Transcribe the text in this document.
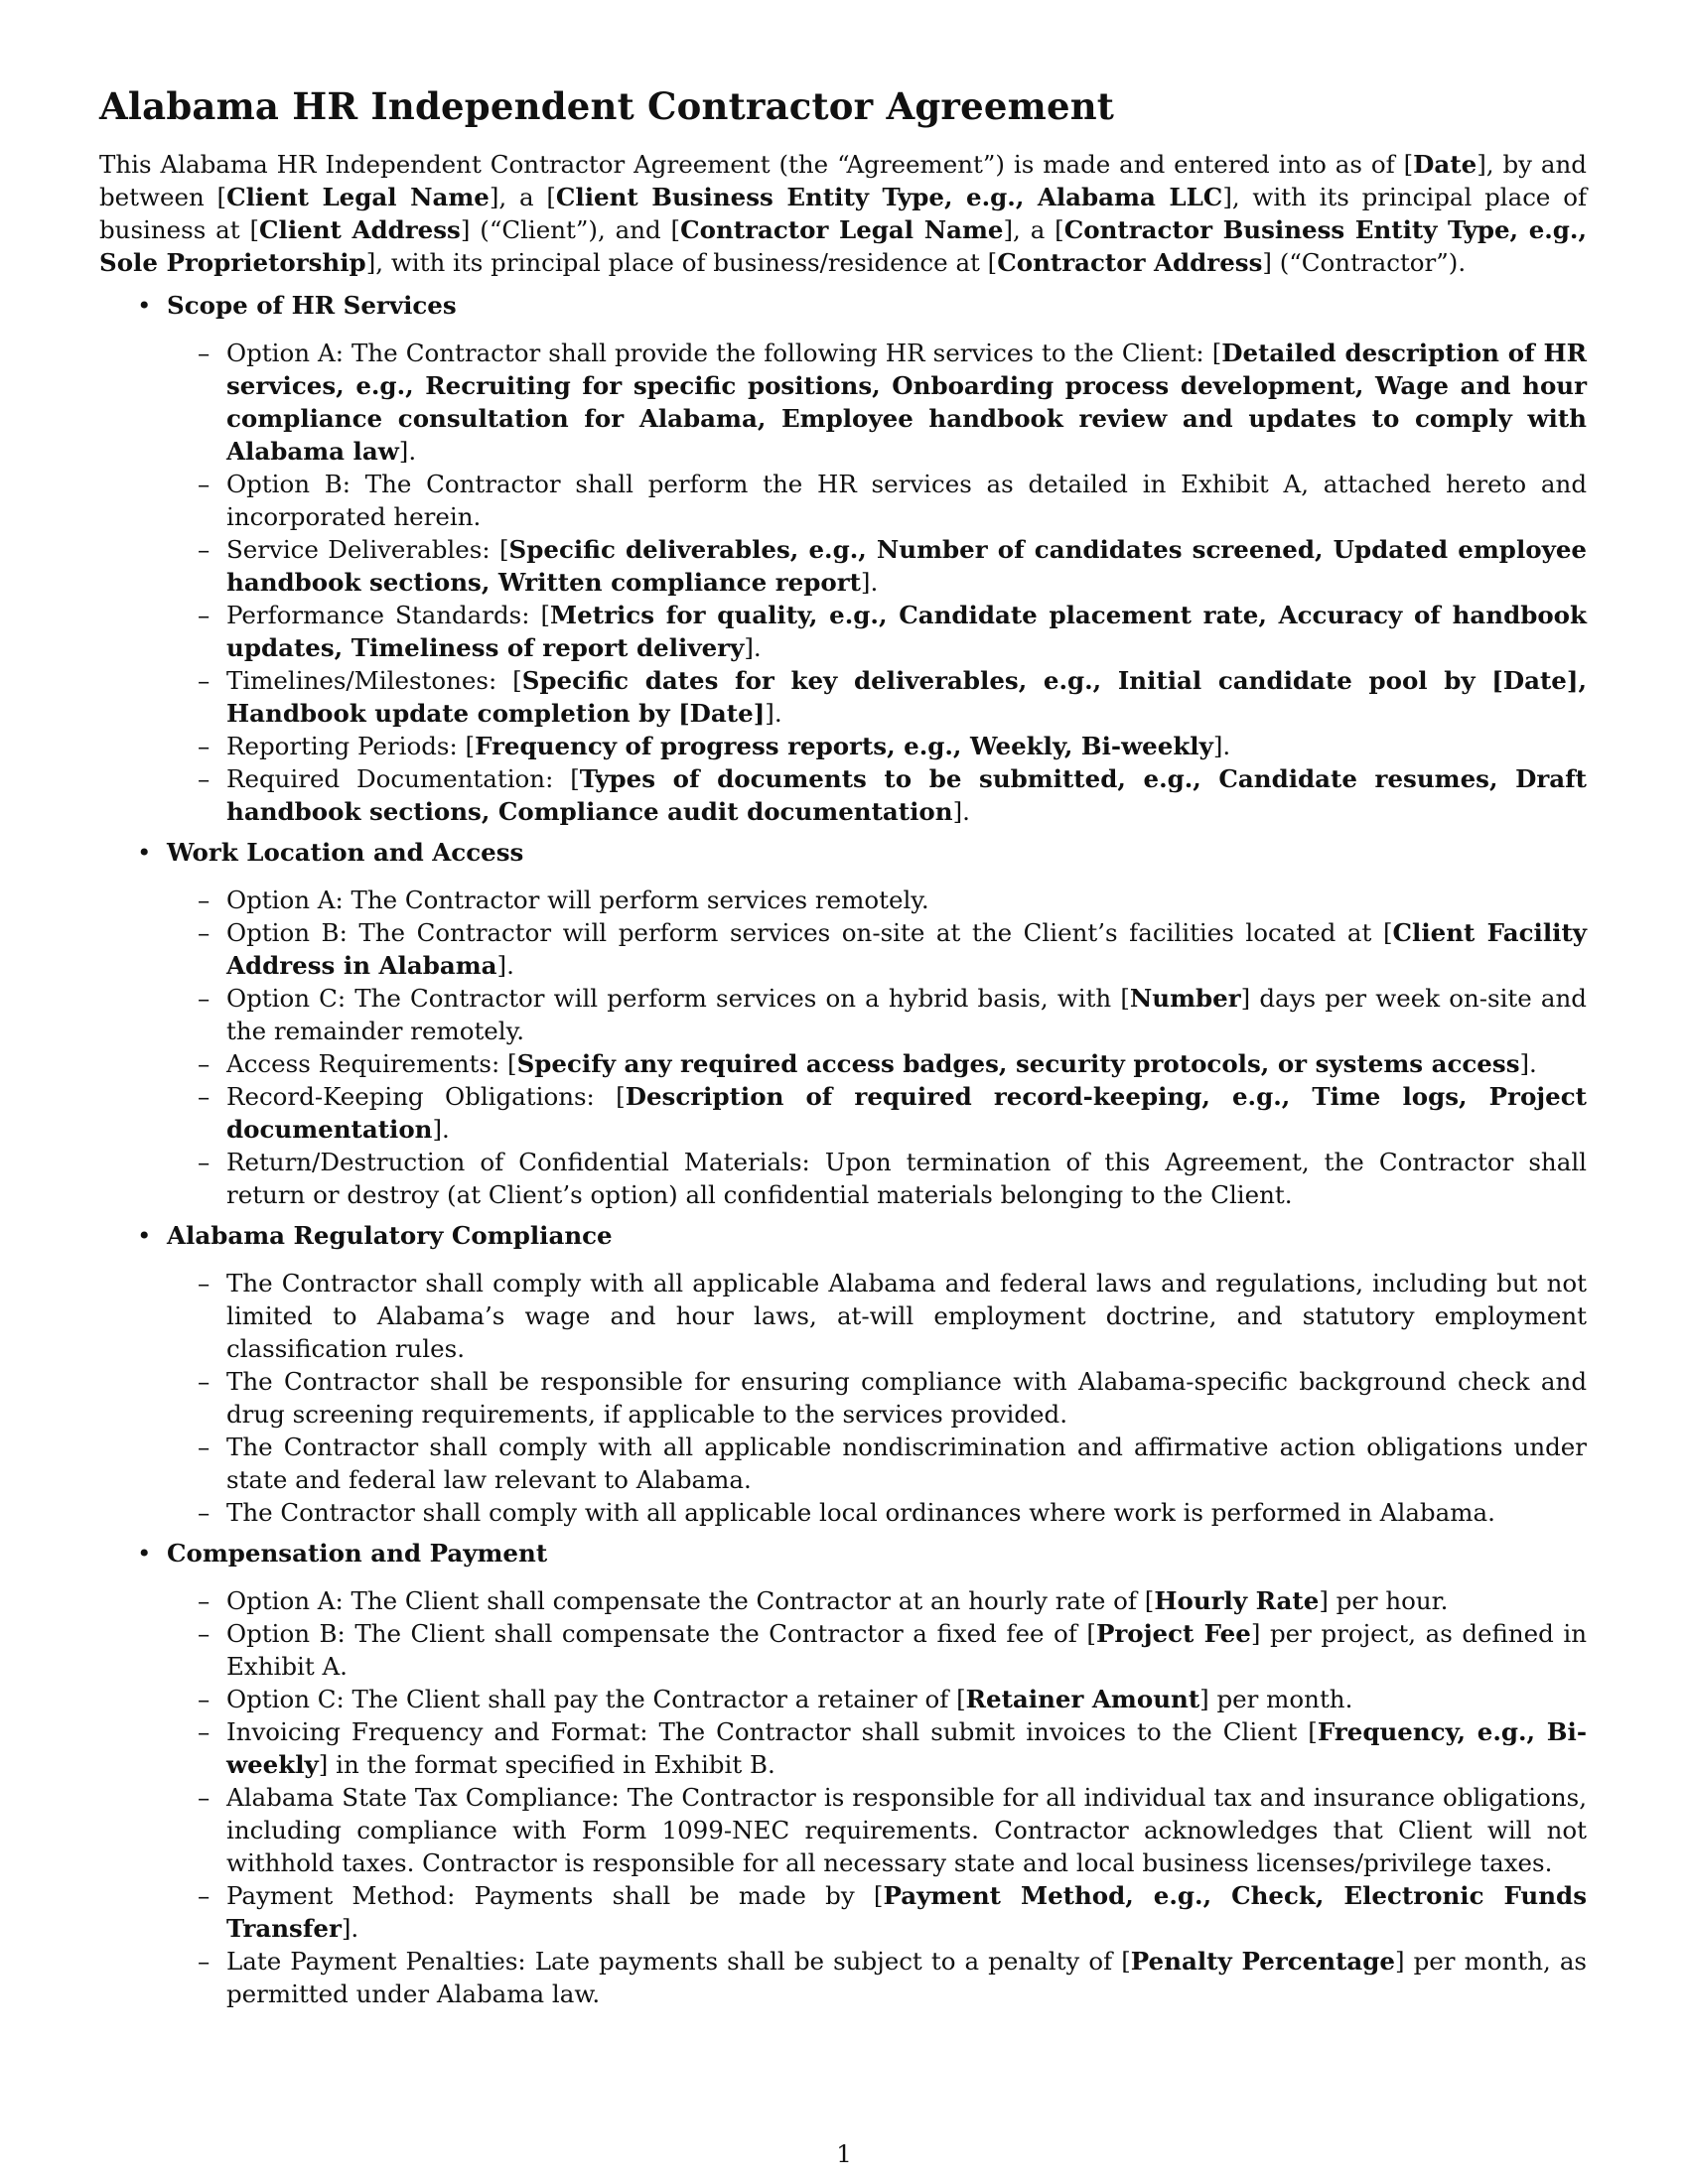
Alabama HR Independent Contractor Agreement

This Alabama HR Independent Contractor Agreement (the “Agreement”) is made and entered into as of [Date], by and between [Client Legal Name], a [Client Business Entity Type, e.g., Alabama LLC], with its principal place of business at [Client Address] (“Client”), and [Contractor Legal Name], a [Contractor Business Entity Type, e.g., Sole Proprietorship], with its principal place of business/residence at [Contractor Address] (“Contractor”).

• Scope of HR Services
– Option A: The Contractor shall provide the following HR services to the Client: [Detailed description of HR services, e.g., Recruiting for specific positions, Onboarding process development, Wage and hour compliance consultation for Alabama, Employee handbook review and updates to comply with Alabama law].
– Option B: The Contractor shall perform the HR services as detailed in Exhibit A, attached hereto and incorporated herein.
– Service Deliverables: [Specific deliverables, e.g., Number of candidates screened, Updated employee handbook sections, Written compliance report].
– Performance Standards: [Metrics for quality, e.g., Candidate placement rate, Accuracy of handbook updates, Timeliness of report delivery].
– Timelines/Milestones: [Specific dates for key deliverables, e.g., Initial candidate pool by [Date], Handbook update completion by [Date]].
– Reporting Periods: [Frequency of progress reports, e.g., Weekly, Bi-weekly].
– Required Documentation: [Types of documents to be submitted, e.g., Candidate resumes, Draft handbook sections, Compliance audit documentation].
• Work Location and Access
– Option A: The Contractor will perform services remotely.
– Option B: The Contractor will perform services on-site at the Client’s facilities located at [Client Facility Address in Alabama].
– Option C: The Contractor will perform services on a hybrid basis, with [Number] days per week on-site and the remainder remotely.
– Access Requirements: [Specify any required access badges, security protocols, or systems access].
– Record-Keeping Obligations: [Description of required record-keeping, e.g., Time logs, Project documentation].
– Return/Destruction of Confidential Materials: Upon termination of this Agreement, the Contractor shall return or destroy (at Client’s option) all confidential materials belonging to the Client.
• Alabama Regulatory Compliance
– The Contractor shall comply with all applicable Alabama and federal laws and regulations, including but not limited to Alabama’s wage and hour laws, at-will employment doctrine, and statutory employment classification rules.
– The Contractor shall be responsible for ensuring compliance with Alabama-specific background check and drug screening requirements, if applicable to the services provided.
– The Contractor shall comply with all applicable nondiscrimination and affirmative action obligations under state and federal law relevant to Alabama.
– The Contractor shall comply with all applicable local ordinances where work is performed in Alabama.
• Compensation and Payment
– Option A: The Client shall compensate the Contractor at an hourly rate of [Hourly Rate] per hour.
– Option B: The Client shall compensate the Contractor a fixed fee of [Project Fee] per project, as defined in Exhibit A.
– Option C: The Client shall pay the Contractor a retainer of [Retainer Amount] per month.
– Invoicing Frequency and Format: The Contractor shall submit invoices to the Client [Frequency, e.g., Bi-weekly] in the format specified in Exhibit B.
– Alabama State Tax Compliance: The Contractor is responsible for all individual tax and insurance obligations, including compliance with Form 1099-NEC requirements. Contractor acknowledges that Client will not withhold taxes. Contractor is responsible for all necessary state and local business licenses/privilege taxes.
– Payment Method: Payments shall be made by [Payment Method, e.g., Check, Electronic Funds Transfer].
– Late Payment Penalties: Late payments shall be subject to a penalty of [Penalty Percentage] per month, as permitted under Alabama law.
1
